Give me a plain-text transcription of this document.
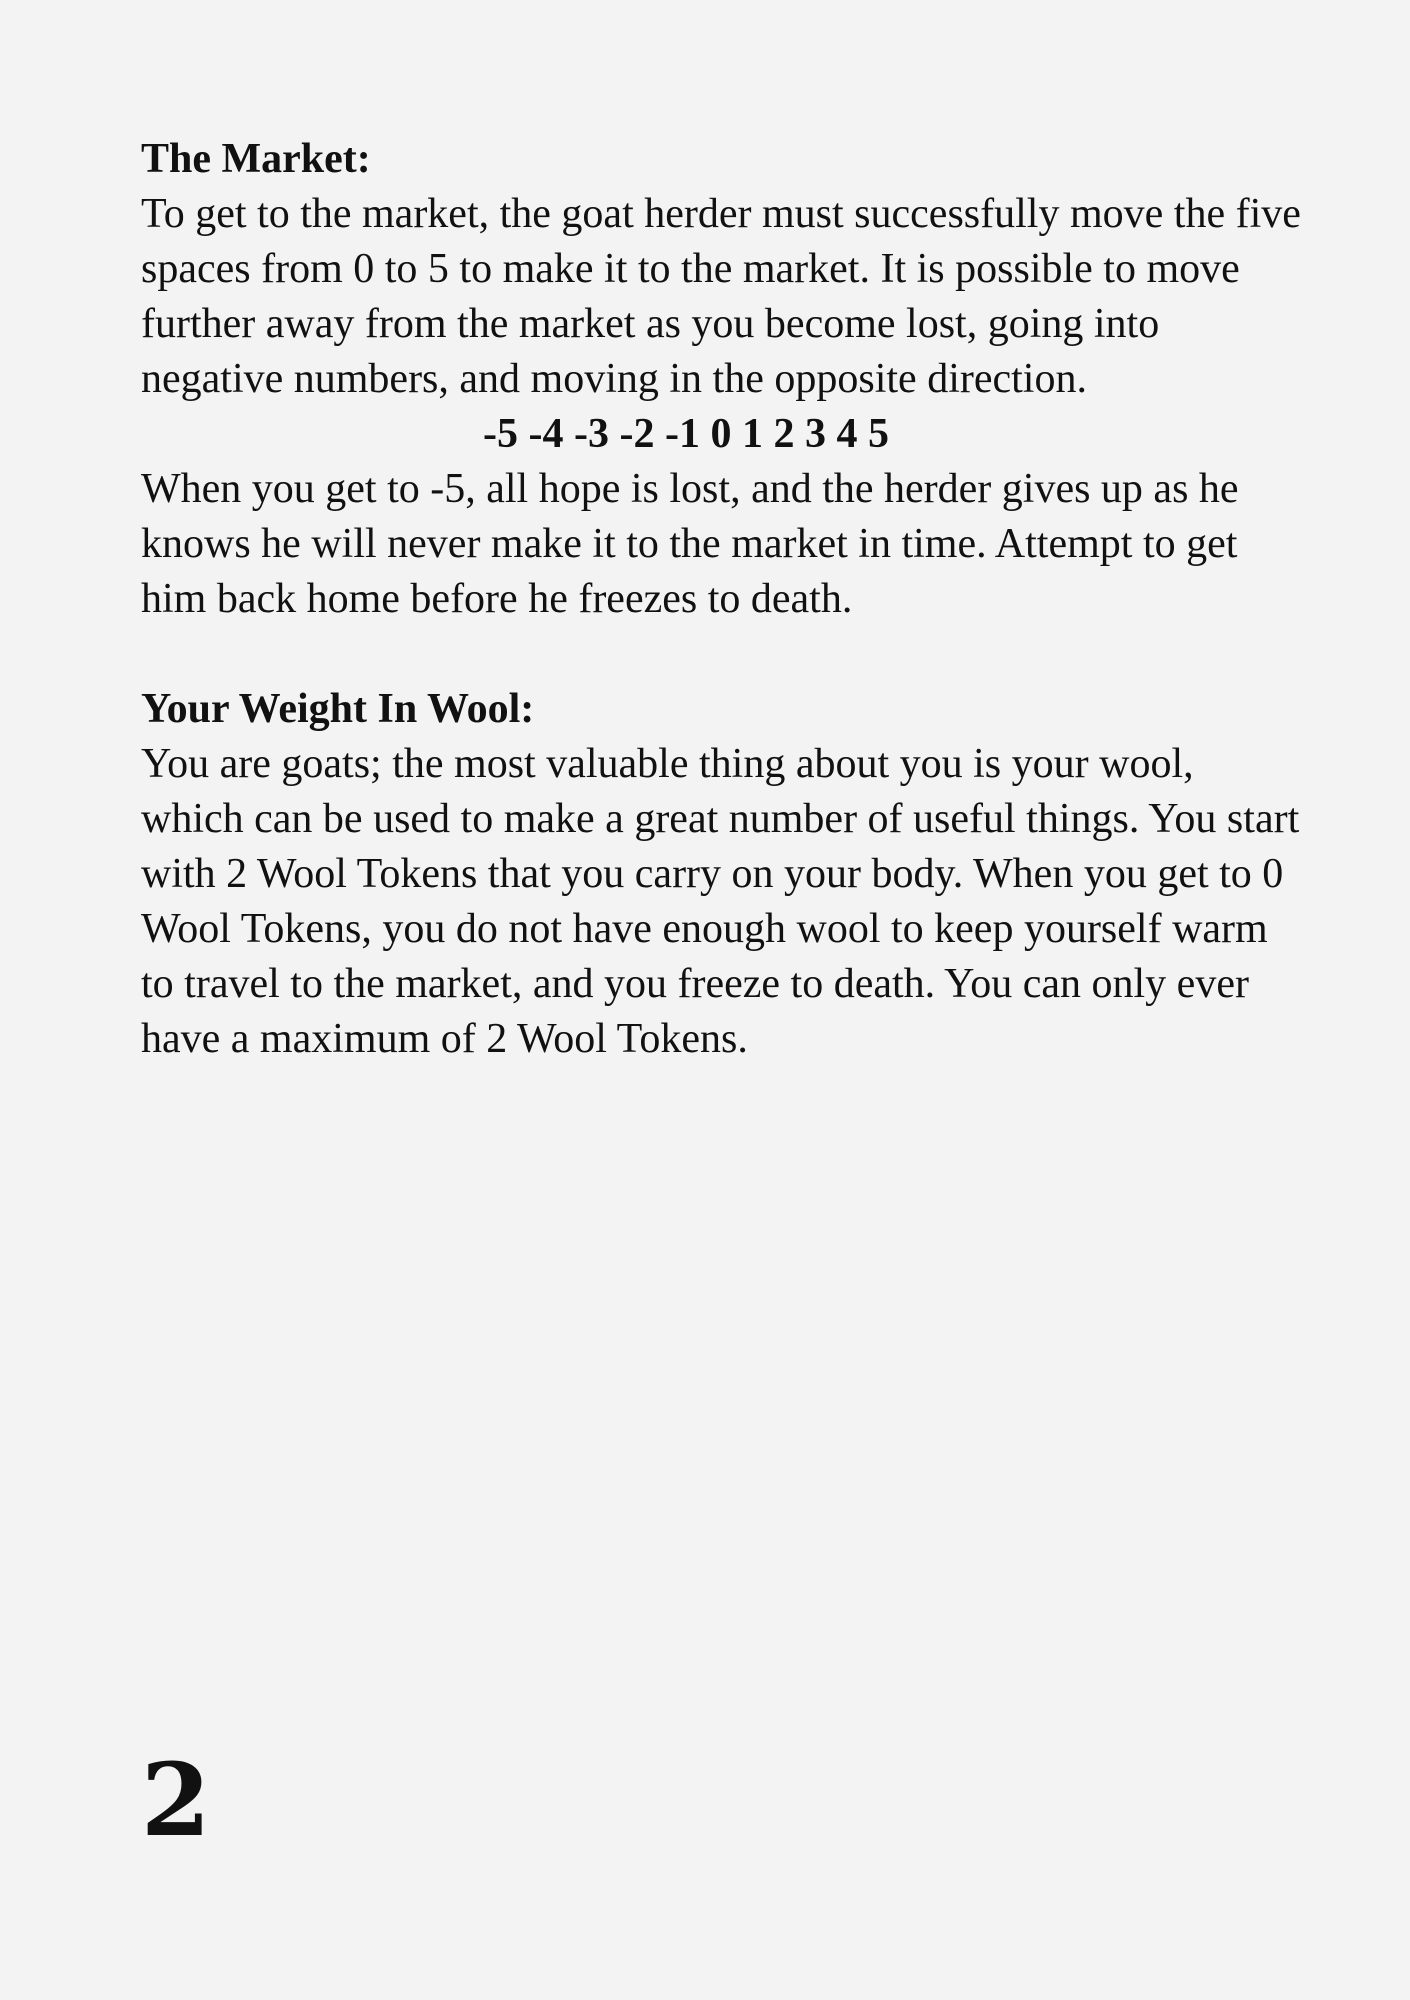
The Market:

To get to the market, the goat herder must successfully move the five spaces from 0 to 5 to make it to the market. It is possible to move further away from the market as you become lost, going into negative numbers, and moving in the opposite direction.

-5 -4 -3 -2 -1 0 1 2 3 4 5

When you get to -5, all hope is lost, and the herder gives up as he knows he will never make it to the market in time. Attempt to get him back home before he freezes to death.

Your Weight In Wool:

You are goats; the most valuable thing about you is your wool, which can be used to make a great number of useful things. You start with 2 Wool Tokens that you carry on your body. When you get to 0 Wool Tokens, you do not have enough wool to keep yourself warm to travel to the market, and you freeze to death. You can only ever have a maximum of 2 Wool Tokens.

2
